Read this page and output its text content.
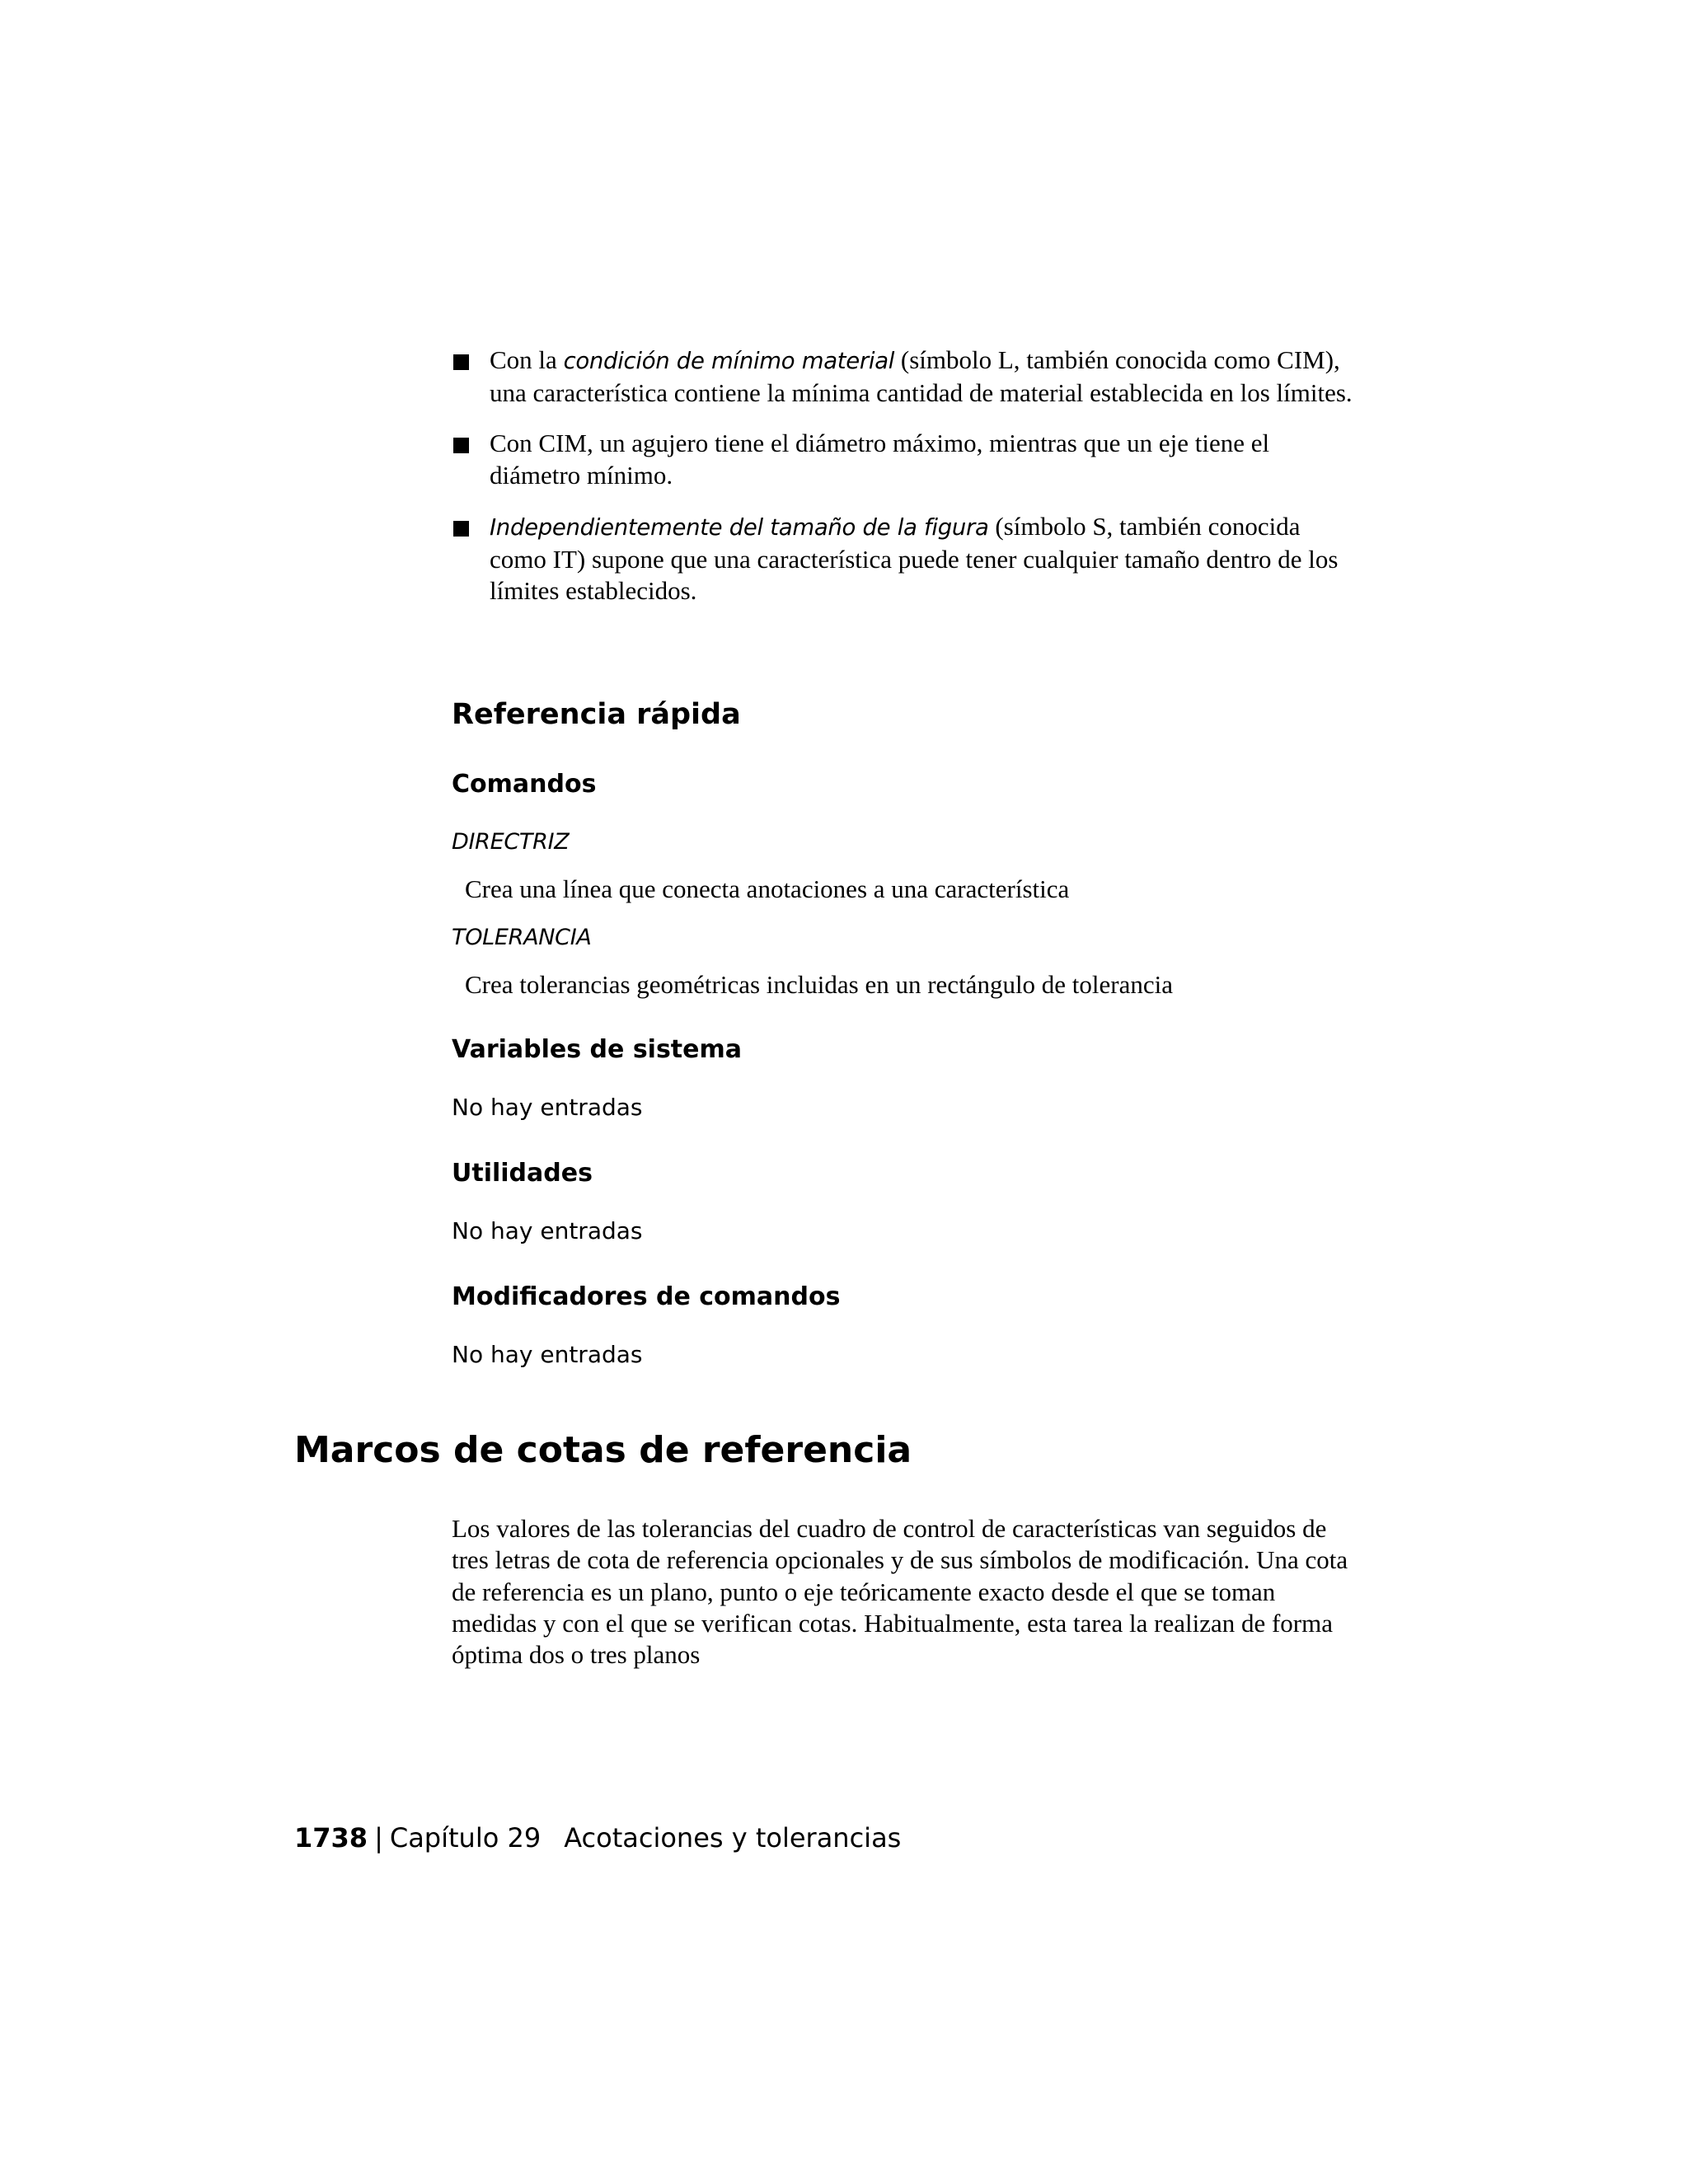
Con la condición de mínimo material (símbolo L, también conocida como CIM), una característica contiene la mínima cantidad de material establecida en los límites.
Con CIM, un agujero tiene el diámetro máximo, mientras que un eje tiene el diámetro mínimo.
Independientemente del tamaño de la figura (símbolo S, también conocida como IT) supone que una característica puede tener cualquier tamaño dentro de los límites establecidos.
Referencia rápida
Comandos

DIRECTRIZ

Crea una línea que conecta anotaciones a una característica

TOLERANCIA

Crea tolerancias geométricas incluidas en un rectángulo de tolerancia

Variables de sistema

No hay entradas

Utilidades

No hay entradas

Modificadores de comandos

No hay entradas

Marcos de cotas de referencia

Los valores de las tolerancias del cuadro de control de características van seguidos de tres letras de cota de referencia opcionales y de sus símbolos de modificación. Una cota de referencia es un plano, punto o eje teóricamente exacto desde el que se toman medidas y con el que se verifican cotas. Habitualmente, esta tarea la realizan de forma óptima dos o tres planos

1738 | Capítulo 29 Acotaciones y tolerancias
